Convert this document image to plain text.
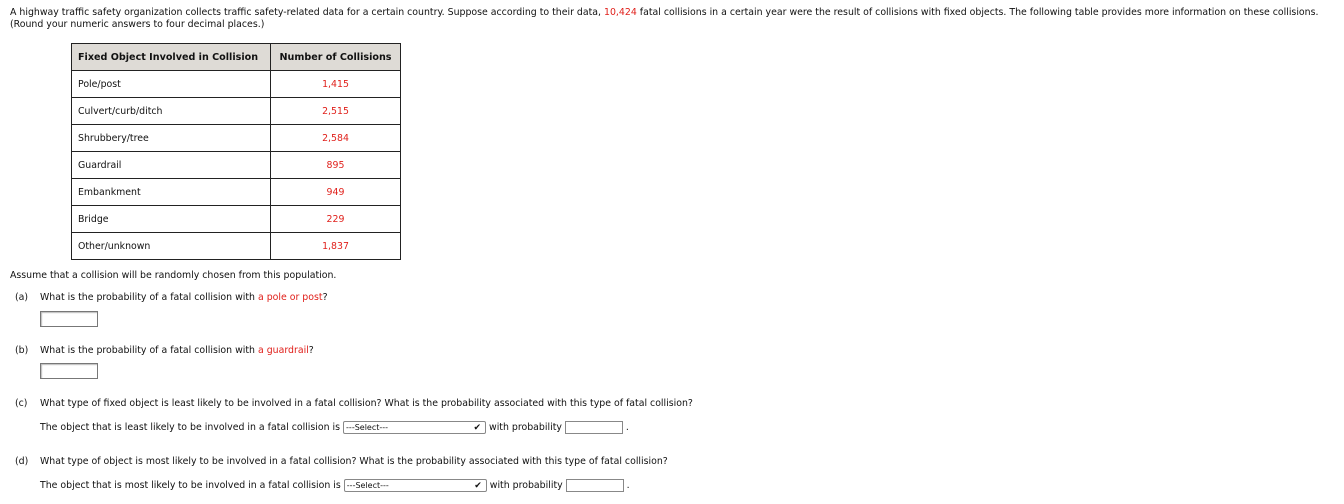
A highway traffic safety organization collects traffic safety-related data for a certain country. Suppose according to their data, 10,424 fatal collisions in a certain year were the result of collisions with fixed objects. The following table provides more information on these collisions. (Round your numeric answers to four decimal places.)
Fixed Object Involved in Collision	Number of Collisions
Pole/post	1,415
Culvert/curb/ditch	2,515
Shrubbery/tree	2,584
Guardrail	895
Embankment	949
Bridge	229
Other/unknown	1,837
Assume that a collision will be randomly chosen from this population.
(a) What is the probability of a fatal collision with a pole or post?
(b) What is the probability of a fatal collision with a guardrail?
(c) What type of fixed object is least likely to be involved in a fatal collision? What is the probability associated with this type of fatal collision?
The object that is least likely to be involved in a fatal collision is ---Select---	✔︎ with probability	.
(d) What type of object is most likely to be involved in a fatal collision? What is the probability associated with this type of fatal collision?
The object that is most likely to be involved in a fatal collision is ---Select---	✔︎ with probability	.
